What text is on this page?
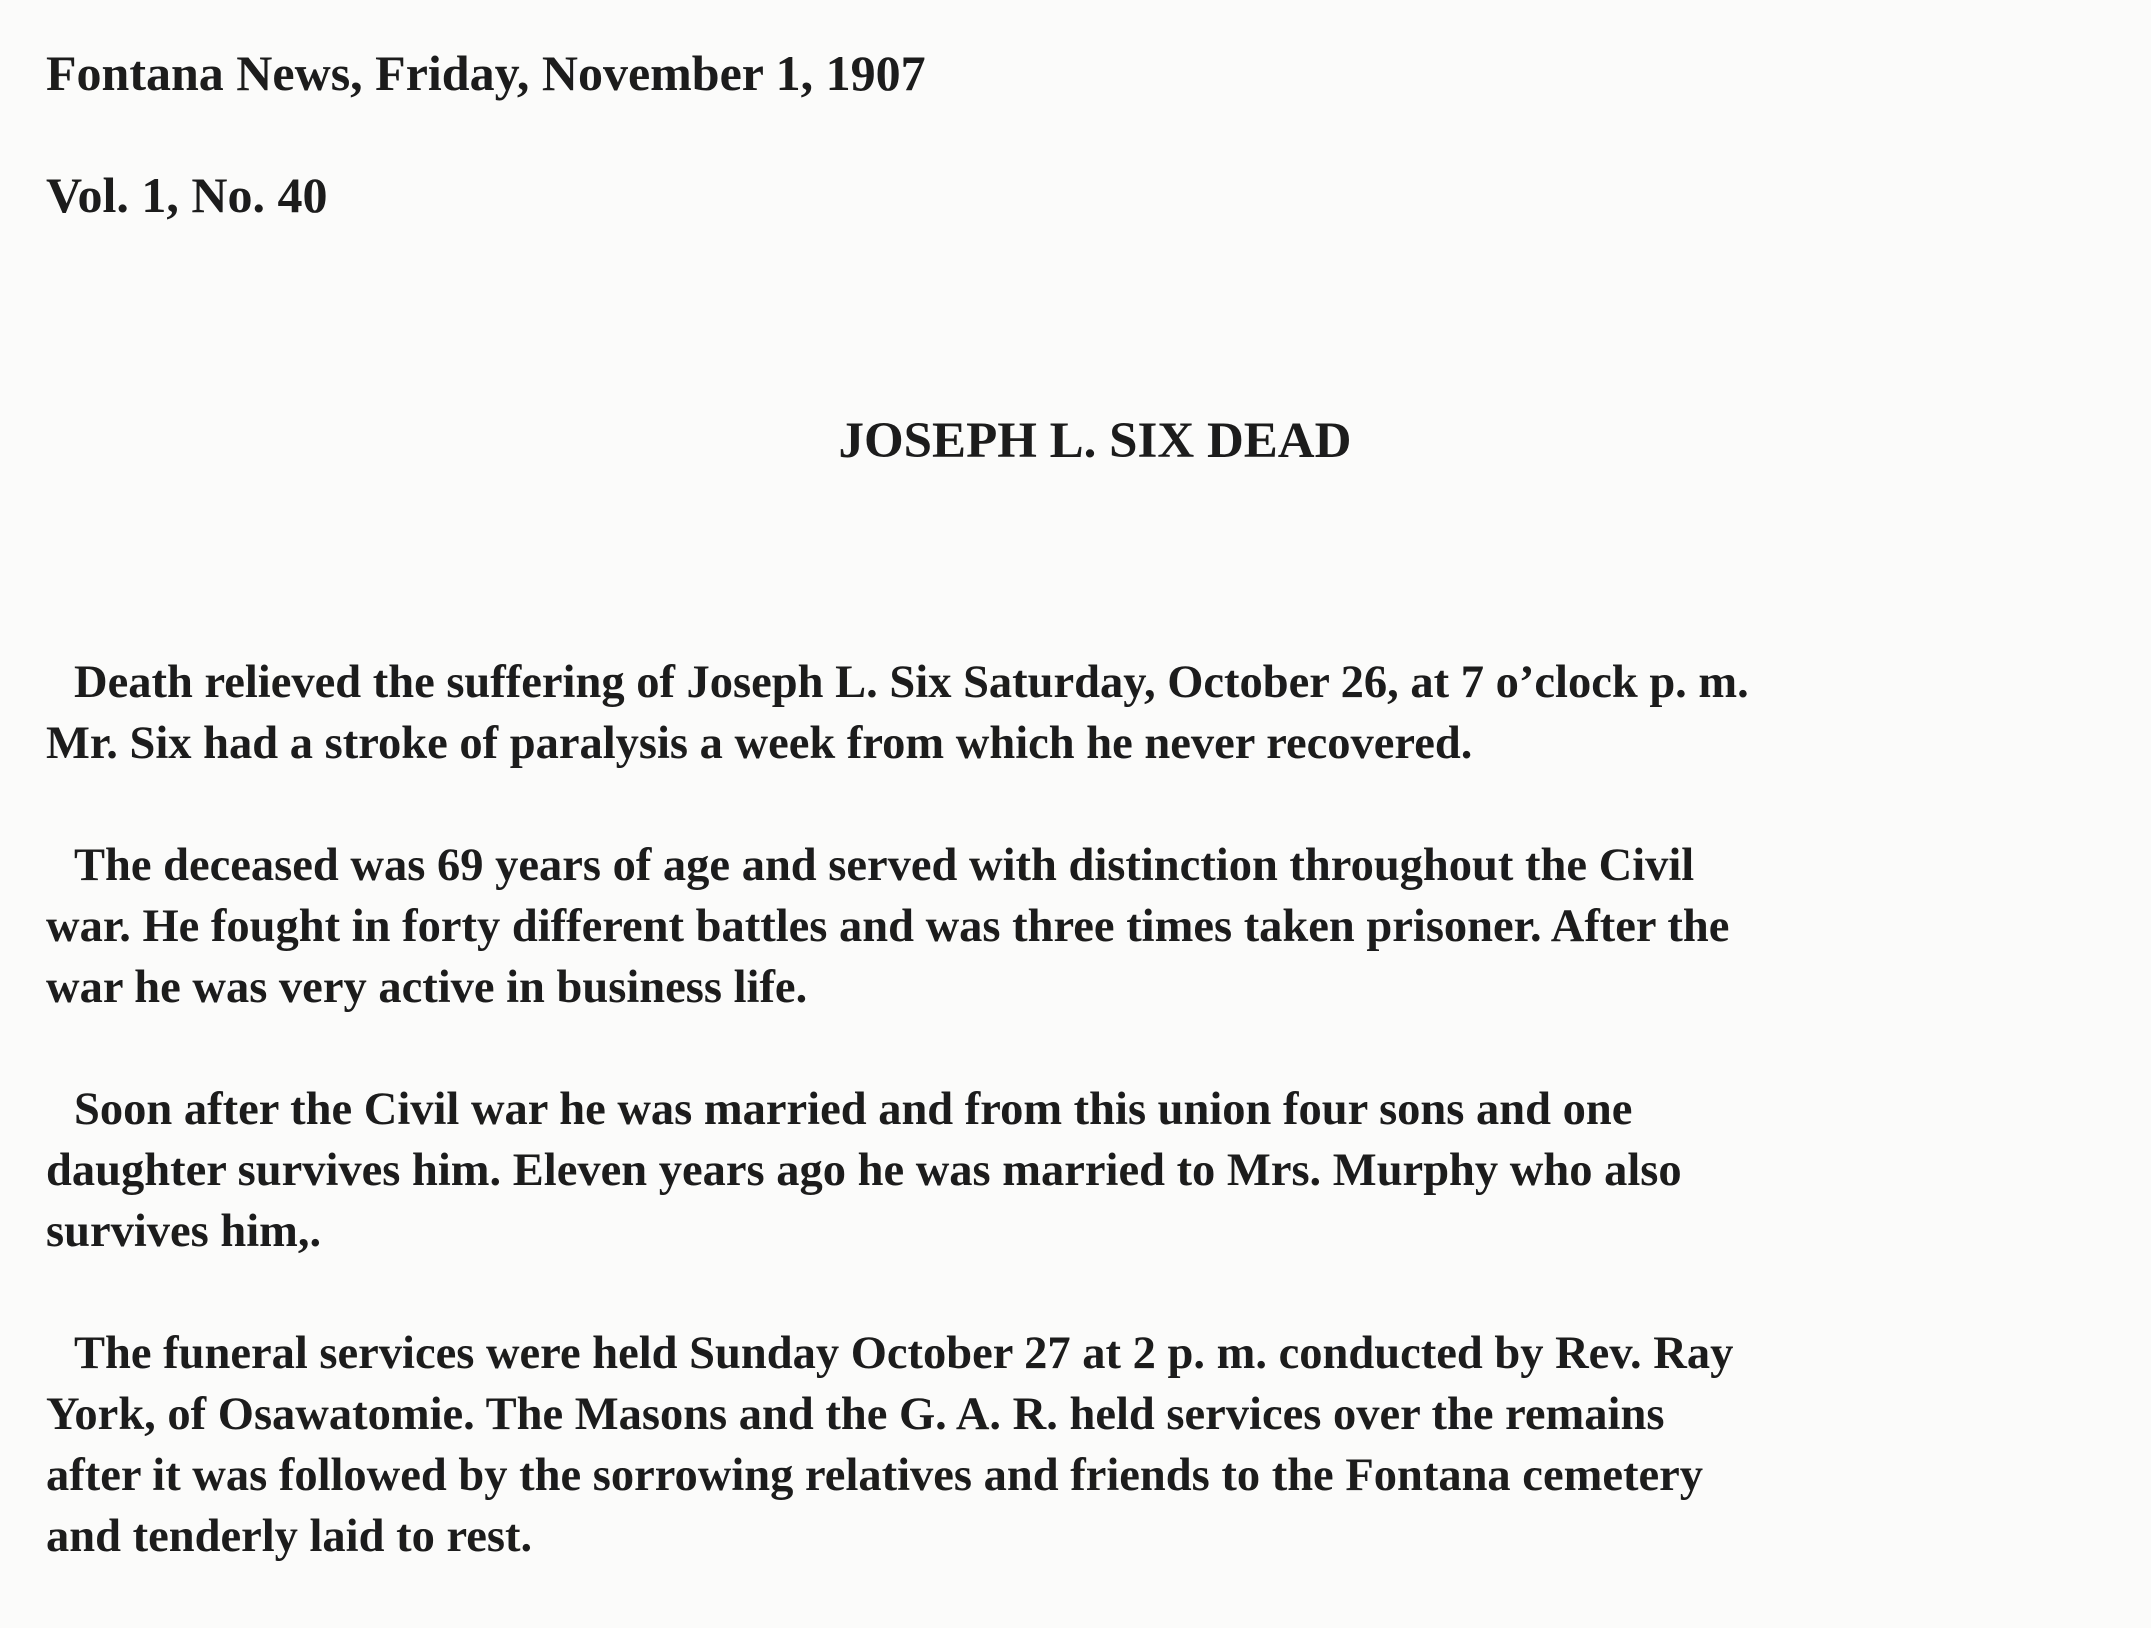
Fontana News, Friday, November 1, 1907
Vol. 1, No. 40
JOSEPH L. SIX DEAD

Death relieved the suffering of Joseph L. Six Saturday, October 26, at 7 o’clock p. m.
Mr. Six had a stroke of paralysis a week from which he never recovered.

The deceased was 69 years of age and served with distinction throughout the Civil
war. He fought in forty different battles and was three times taken prisoner. After the
war he was very active in business life.

Soon after the Civil war he was married and from this union four sons and one
daughter survives him. Eleven years ago he was married to Mrs. Murphy who also
survives him,.

The funeral services were held Sunday October 27 at 2 p. m. conducted by Rev. Ray
York, of Osawatomie. The Masons and the G. A. R. held services over the remains
after it was followed by the sorrowing relatives and friends to the Fontana cemetery
and tenderly laid to rest.
